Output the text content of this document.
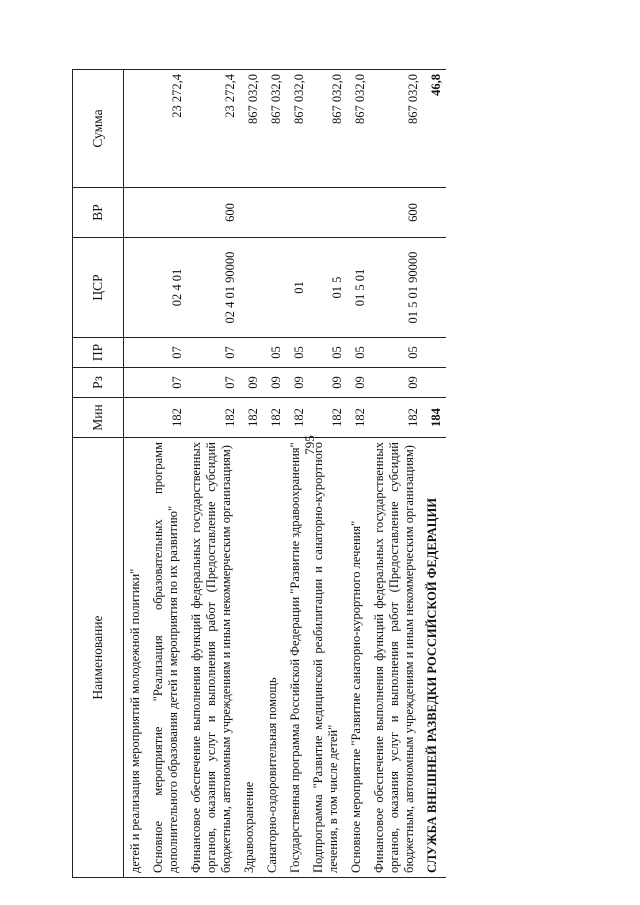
795
Наименование	Мин	Рз	ПР	ЦСР	ВР	Сумма
детей и реализация мероприятий молодежной политики"						
Основное мероприятие "Реализация образовательных программ дополнительного образования детей и мероприятия по их развитию"	182	07	07	02 4 01		23 272,4
Финансовое обеспечение выполнения функций федеральных государственных органов, оказания услуг и выполнения работ (Предоставление субсидий бюджетным, автономным учреждениям и иным некоммерческим организациям)	182	07	07	02 4 01 90000	600	23 272,4
Здравоохранение	182	09				867 032,0
Санаторно-оздоровительная помощь	182	09	05			867 032,0
Государственная программа Российской Федерации "Развитие здравоохранения"	182	09	05	01		867 032,0
Подпрограмма "Развитие медицинской реабилитации и санаторно-курортного лечения, в том числе детей"	182	09	05	01 5		867 032,0
Основное мероприятие "Развитие санаторно-курортного лечения"	182	09	05	01 5 01		867 032,0
Финансовое обеспечение выполнения функций федеральных государственных органов, оказания услуг и выполнения работ (Предоставление субсидий бюджетным, автономным учреждениям и иным некоммерческим организациям)	182	09	05	01 5 01 90000	600	867 032,0
СЛУЖБА ВНЕШНЕЙ РАЗВЕДКИ РОССИЙСКОЙ ФЕДЕРАЦИИ	184					46,8
